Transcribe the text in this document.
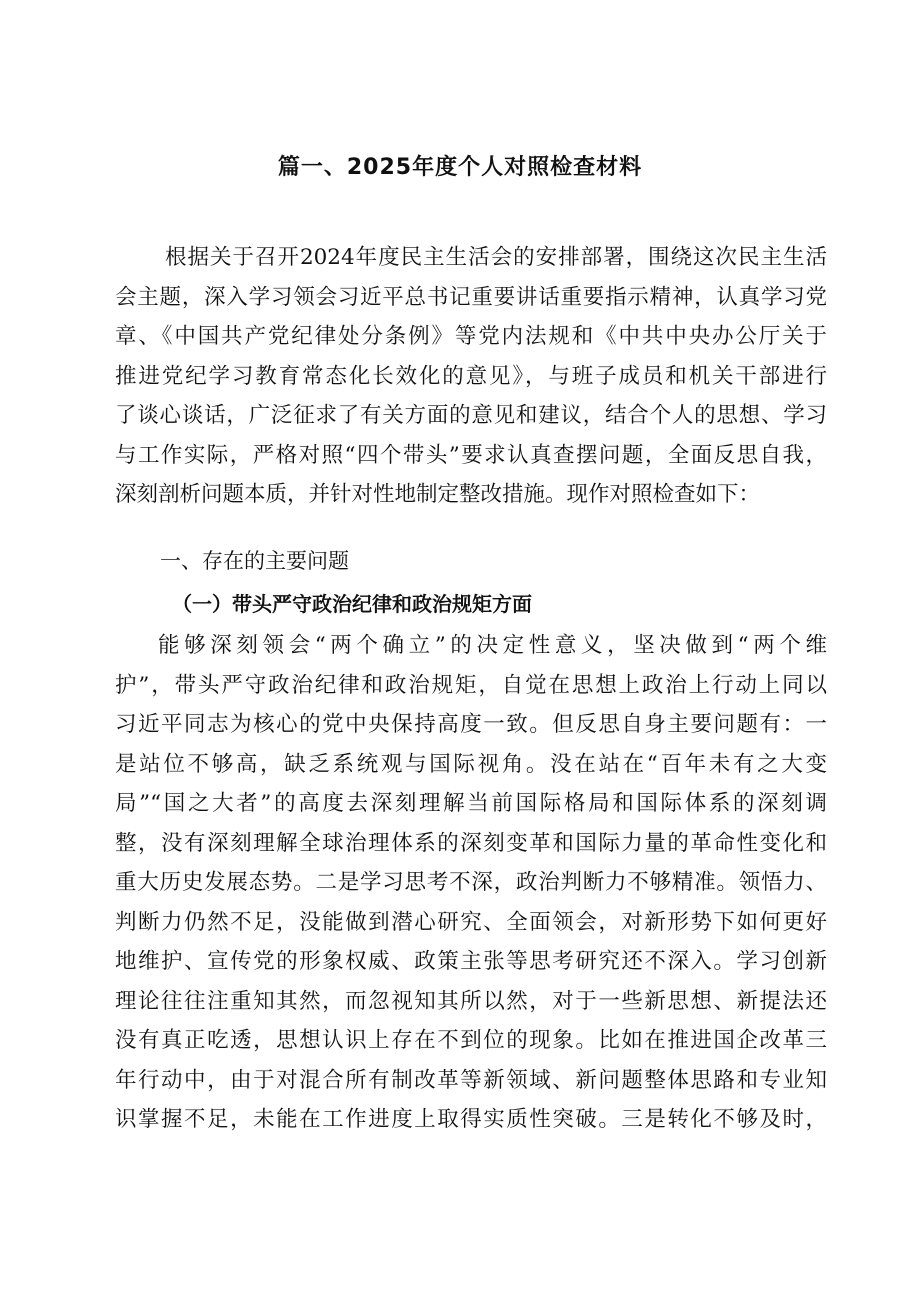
篇一、2025年度个人对照检查材料
根据关于召开2024年度民主生活会的安排部署，围绕这次民主生活
会主题，深入学习领会习近平总书记重要讲话重要指示精神，认真学习党
章、《中国共产党纪律处分条例》等党内法规和《中共中央办公厅关于
推进党纪学习教育常态化长效化的意见》，与班子成员和机关干部进行
了谈心谈话，广泛征求了有关方面的意见和建议，结合个人的思想、学习
与工作实际，严格对照“四个带头”要求认真查摆问题，全面反思自我，
深刻剖析问题本质，并针对性地制定整改措施。现作对照检查如下：
一、存在的主要问题
（一）带头严守政治纪律和政治规矩方面
能够深刻领会“两个确立”的决定性意义，坚决做到“两个维
护”，带头严守政治纪律和政治规矩，自觉在思想上政治上行动上同以
习近平同志为核心的党中央保持高度一致。但反思自身主要问题有：一
是站位不够高，缺乏系统观与国际视角。没在站在“百年未有之大变
局”“国之大者”的高度去深刻理解当前国际格局和国际体系的深刻调
整，没有深刻理解全球治理体系的深刻变革和国际力量的革命性变化和
重大历史发展态势。二是学习思考不深，政治判断力不够精准。领悟力、
判断力仍然不足，没能做到潜心研究、全面领会，对新形势下如何更好
地维护、宣传党的形象权威、政策主张等思考研究还不深入。学习创新
理论往往注重知其然，而忽视知其所以然，对于一些新思想、新提法还
没有真正吃透，思想认识上存在不到位的现象。比如在推进国企改革三
年行动中，由于对混合所有制改革等新领域、新问题整体思路和专业知
识掌握不足，未能在工作进度上取得实质性突破。三是转化不够及时，
